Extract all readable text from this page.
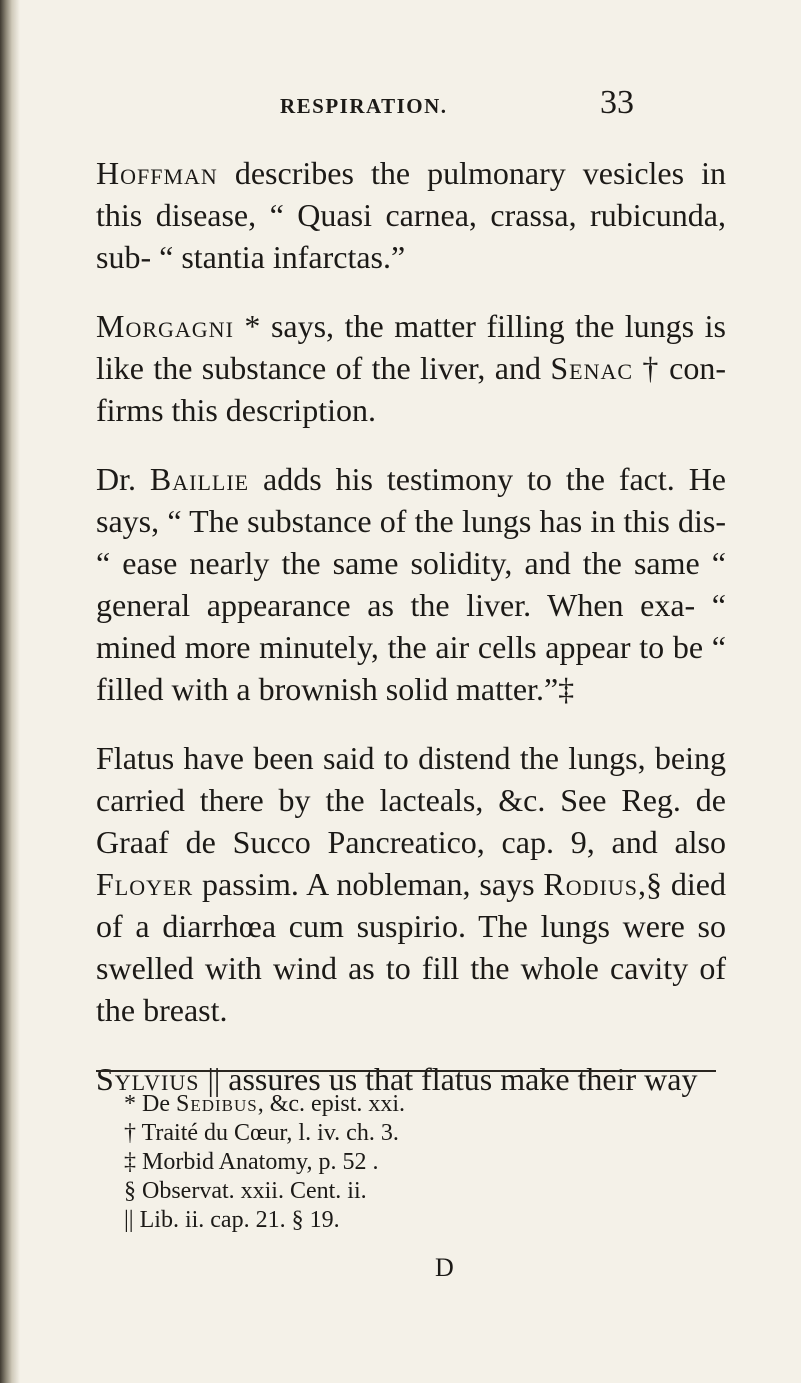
RESPIRATION.	33

Hoffman describes the pulmonary vesicles in this disease, “ Quasi carnea, crassa, rubicunda, sub- “ stantia infarctas.”

Morgagni * says, the matter filling the lungs is like the substance of the liver, and Senac † con- firms this description.

Dr. Baillie adds his testimony to the fact. He says, “ The substance of the lungs has in this dis- “ ease nearly the same solidity, and the same “ general appearance as the liver. When exa- “ mined more minutely, the air cells appear to be “ filled with a brownish solid matter.”‡

Flatus have been said to distend the lungs, being carried there by the lacteals, &c. See Reg. de Graaf de Succo Pancreatico, cap. 9, and also Floyer passim. A nobleman, says Rodius,§ died of a diarrhœa cum suspirio. The lungs were so swelled with wind as to fill the whole cavity of the breast.

Sylvius || assures us that flatus make their way

* De Sedibus, &c. epist. xxi.
† Traité du Cœur, l. iv. ch. 3.
‡ Morbid Anatomy, p. 52 .
§ Observat. xxii. Cent. ii.
|| Lib. ii. cap. 21. § 19.
D
